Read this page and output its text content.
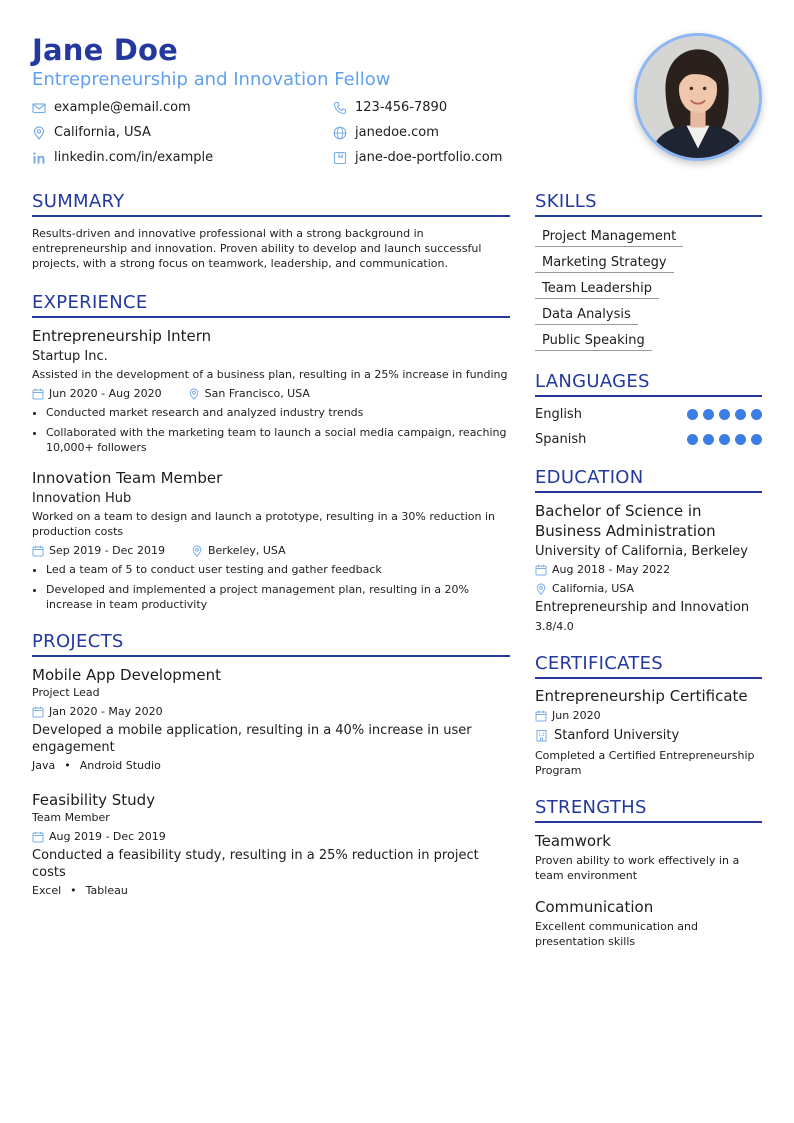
Jane Doe
Entrepreneurship and Innovation Fellow
example@email.com	123-456-7890
California, USA	janedoe.com
linkedin.com/in/example	jane-doe-portfolio.com
SUMMARY
Results-driven and innovative professional with a strong background in entrepreneurship and innovation. Proven ability to develop and launch successful projects, with a strong focus on teamwork, leadership, and communication.
EXPERIENCE
Entrepreneurship Intern
Startup Inc.
Assisted in the development of a business plan, resulting in a 25% increase in funding
Jun 2020 - Aug 2020	San Francisco, USA
• Conducted market research and analyzed industry trends
• Collaborated with the marketing team to launch a social media campaign, reaching 10,000+ followers
Innovation Team Member
Innovation Hub
Worked on a team to design and launch a prototype, resulting in a 30% reduction in production costs
Sep 2019 - Dec 2019	Berkeley, USA
• Led a team of 5 to conduct user testing and gather feedback
• Developed and implemented a project management plan, resulting in a 20% increase in team productivity
PROJECTS
Mobile App Development
Project Lead
Jan 2020 - May 2020
Developed a mobile application, resulting in a 40% increase in user engagement
Java • Android Studio
Feasibility Study
Team Member
Aug 2019 - Dec 2019
Conducted a feasibility study, resulting in a 25% reduction in project costs
Excel • Tableau
SKILLS
Project Management
Marketing Strategy
Team Leadership
Data Analysis
Public Speaking
LANGUAGES
English
Spanish
EDUCATION
Bachelor of Science in Business Administration
University of California, Berkeley
Aug 2018 - May 2022
California, USA
Entrepreneurship and Innovation
3.8/4.0
CERTIFICATES
Entrepreneurship Certificate
Jun 2020
Stanford University
Completed a Certified Entrepreneurship Program
STRENGTHS
Teamwork
Proven ability to work effectively in a team environment
Communication
Excellent communication and presentation skills
